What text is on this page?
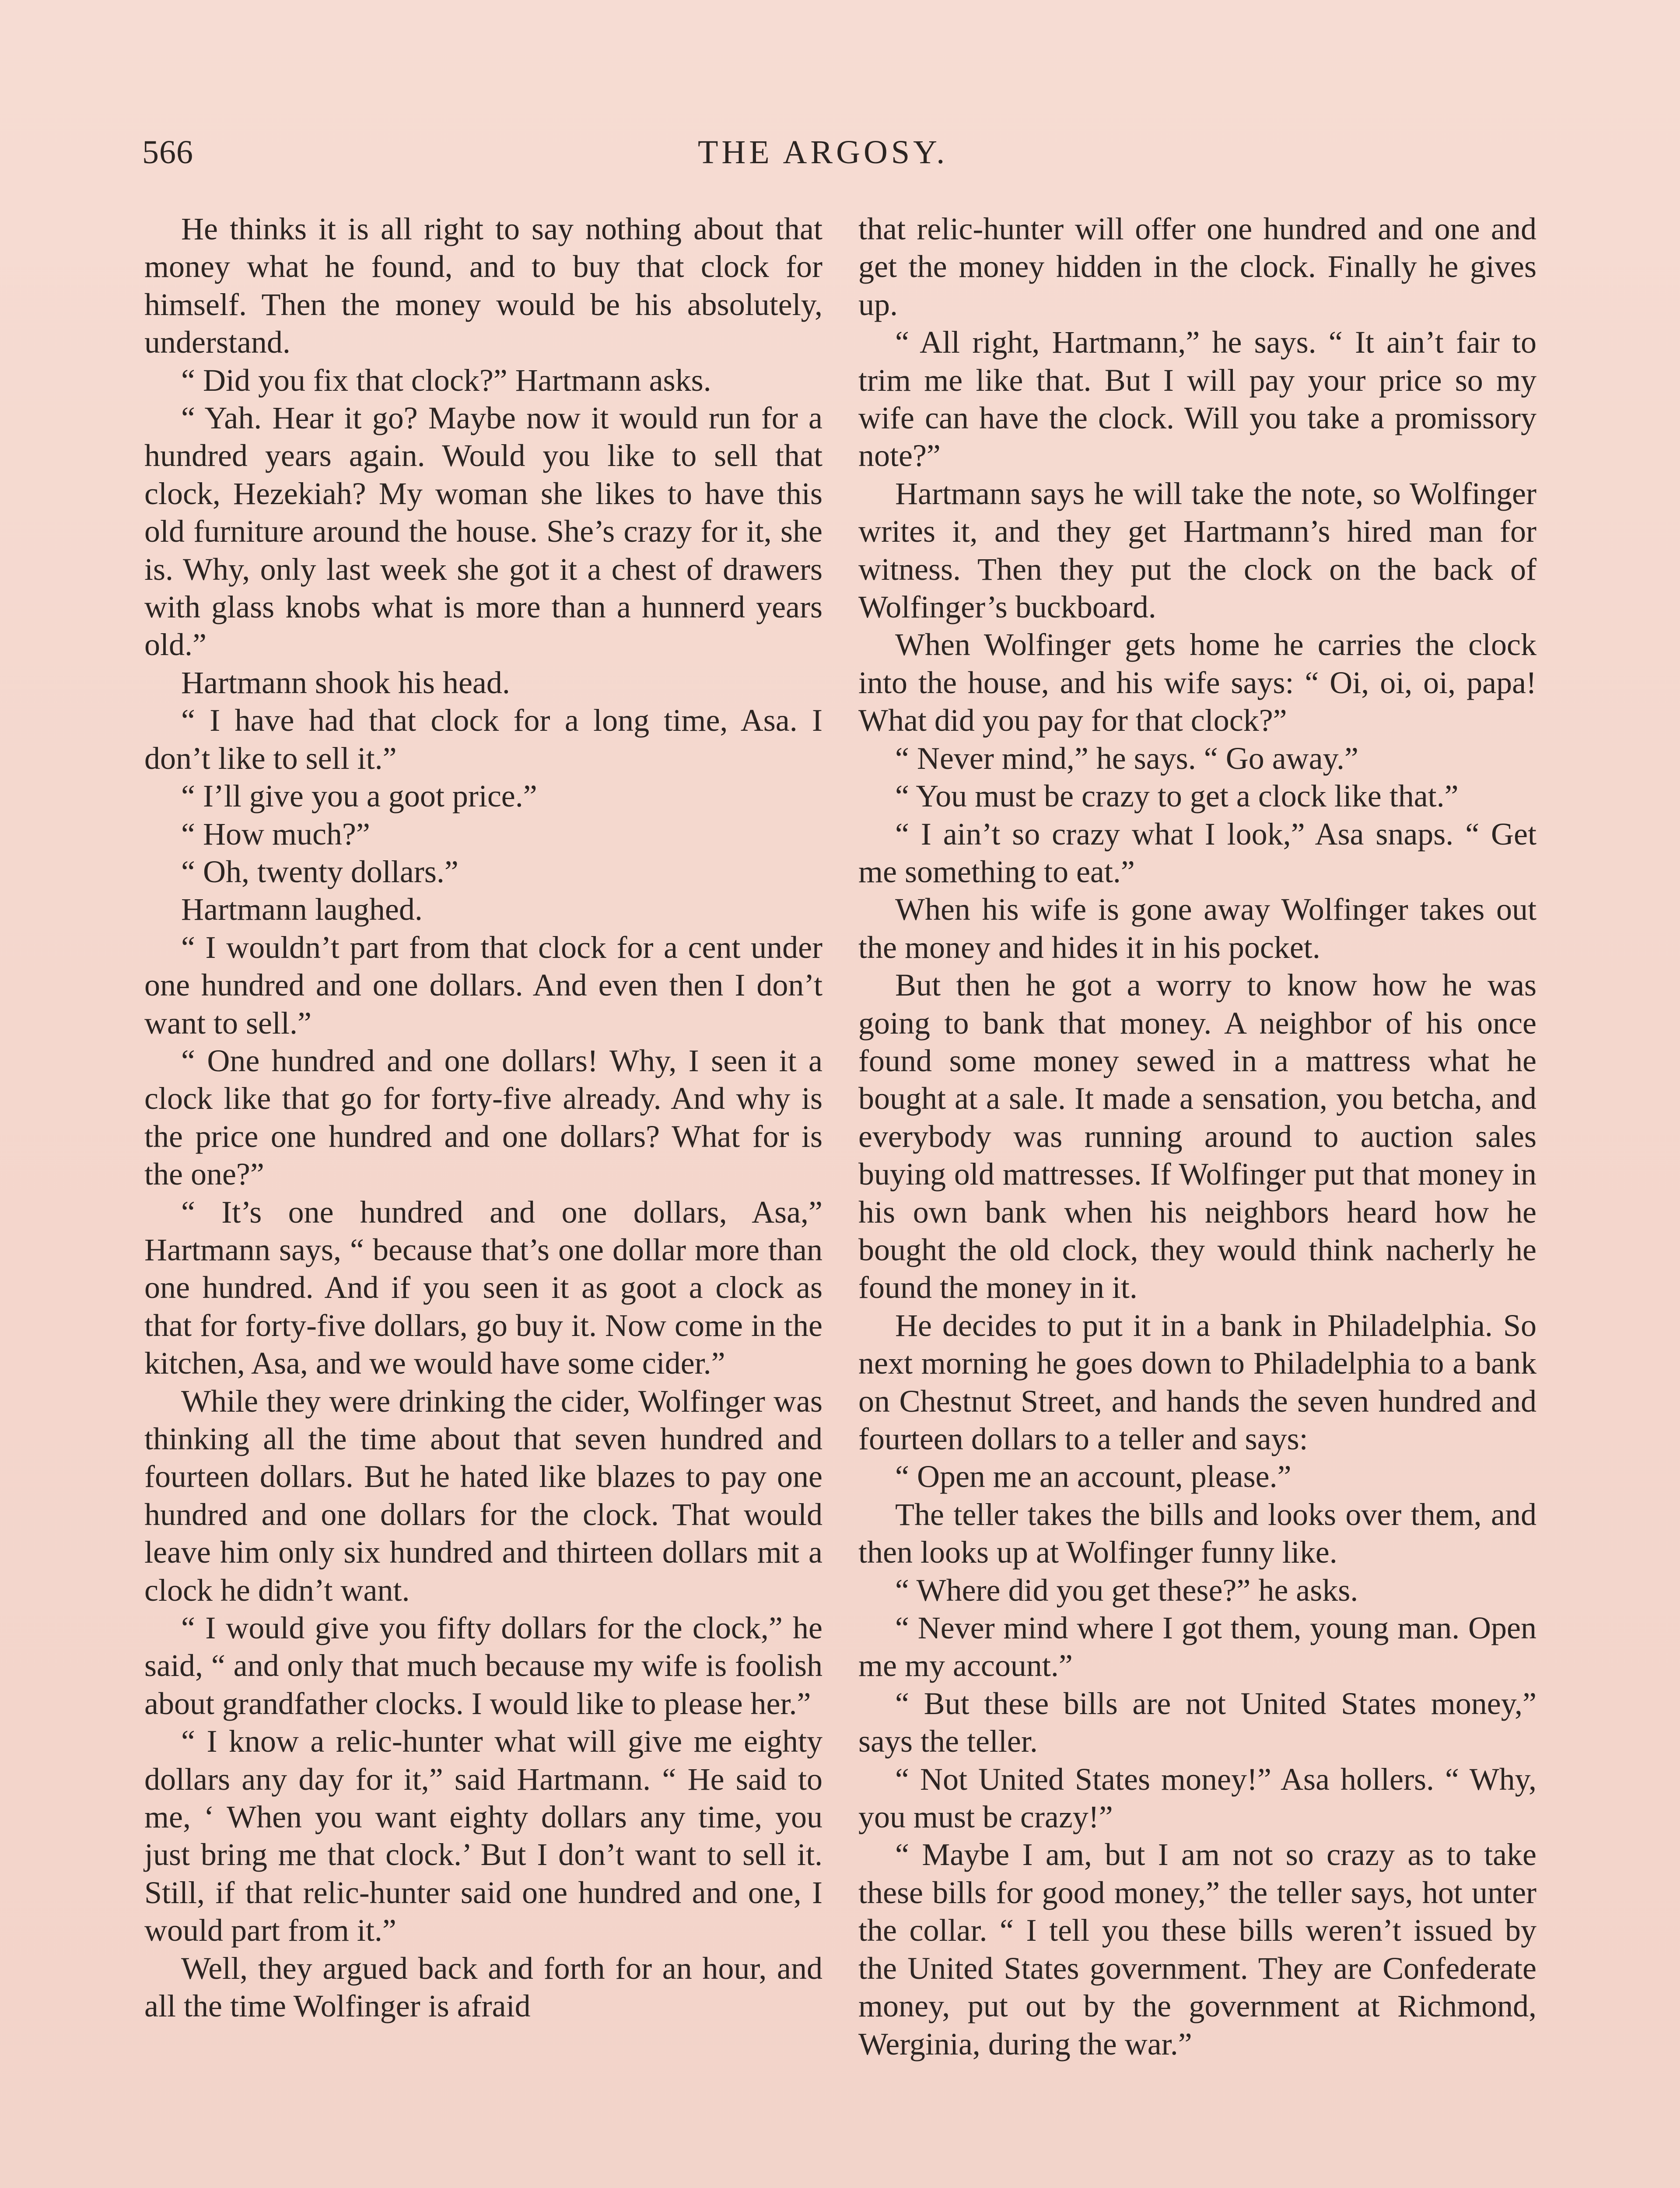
566	THE ARGOSY.

He thinks it is all right to say nothing about that money what he found, and to buy that clock for himself. Then the money would be his absolutely, understand.

“ Did you fix that clock?” Hartmann asks.

“ Yah. Hear it go? Maybe now it would run for a hundred years again. Would you like to sell that clock, Hezekiah? My woman she likes to have this old furniture around the house. She’s crazy for it, she is. Why, only last week she got it a chest of drawers with glass knobs what is more than a hunnerd years old.”

Hartmann shook his head.

“ I have had that clock for a long time, Asa. I don’t like to sell it.”

“ I’ll give you a goot price.”

“ How much?”

“ Oh, twenty dollars.”

Hartmann laughed.

“ I wouldn’t part from that clock for a cent under one hundred and one dollars. And even then I don’t want to sell.”

“ One hundred and one dollars! Why, I seen it a clock like that go for forty-five already. And why is the price one hundred and one dollars? What for is the one?”

“ It’s one hundred and one dollars, Asa,” Hartmann says, “ because that’s one dollar more than one hundred. And if you seen it as goot a clock as that for forty-five dollars, go buy it. Now come in the kitchen, Asa, and we would have some cider.”

While they were drinking the cider, Wolfinger was thinking all the time about that seven hundred and fourteen dollars. But he hated like blazes to pay one hundred and one dollars for the clock. That would leave him only six hundred and thirteen dollars mit a clock he didn’t want.

“ I would give you fifty dollars for the clock,” he said, “ and only that much because my wife is foolish about grandfather clocks. I would like to please her.”

“ I know a relic-hunter what will give me eighty dollars any day for it,” said Hartmann. “ He said to me, ‘ When you want eighty dollars any time, you just bring me that clock.’ But I don’t want to sell it. Still, if that relic-hunter said one hundred and one, I would part from it.”

Well, they argued back and forth for an hour, and all the time Wolfinger is afraid

that relic-hunter will offer one hundred and one and get the money hidden in the clock. Finally he gives up.

“ All right, Hartmann,” he says. “ It ain’t fair to trim me like that. But I will pay your price so my wife can have the clock. Will you take a promissory note?”

Hartmann says he will take the note, so Wolfinger writes it, and they get Hartmann’s hired man for witness. Then they put the clock on the back of Wolfinger’s buckboard.

When Wolfinger gets home he carries the clock into the house, and his wife says: “ Oi, oi, oi, papa! What did you pay for that clock?”

“ Never mind,” he says. “ Go away.”

“ You must be crazy to get a clock like that.”

“ I ain’t so crazy what I look,” Asa snaps. “ Get me something to eat.”

When his wife is gone away Wolfinger takes out the money and hides it in his pocket.

But then he got a worry to know how he was going to bank that money. A neighbor of his once found some money sewed in a mattress what he bought at a sale. It made a sensation, you betcha, and everybody was running around to auction sales buying old mattresses. If Wolfinger put that money in his own bank when his neighbors heard how he bought the old clock, they would think nacherly he found the money in it.

He decides to put it in a bank in Philadelphia. So next morning he goes down to Philadelphia to a bank on Chestnut Street, and hands the seven hundred and fourteen dollars to a teller and says:

“ Open me an account, please.”

The teller takes the bills and looks over them, and then looks up at Wolfinger funny like.

“ Where did you get these?” he asks.

“ Never mind where I got them, young man. Open me my account.”

“ But these bills are not United States money,” says the teller.

“ Not United States money!” Asa hollers. “ Why, you must be crazy!”

“ Maybe I am, but I am not so crazy as to take these bills for good money,” the teller says, hot unter the collar. “ I tell you these bills weren’t issued by the United States government. They are Confederate money, put out by the government at Richmond, Werginia, during the war.”
